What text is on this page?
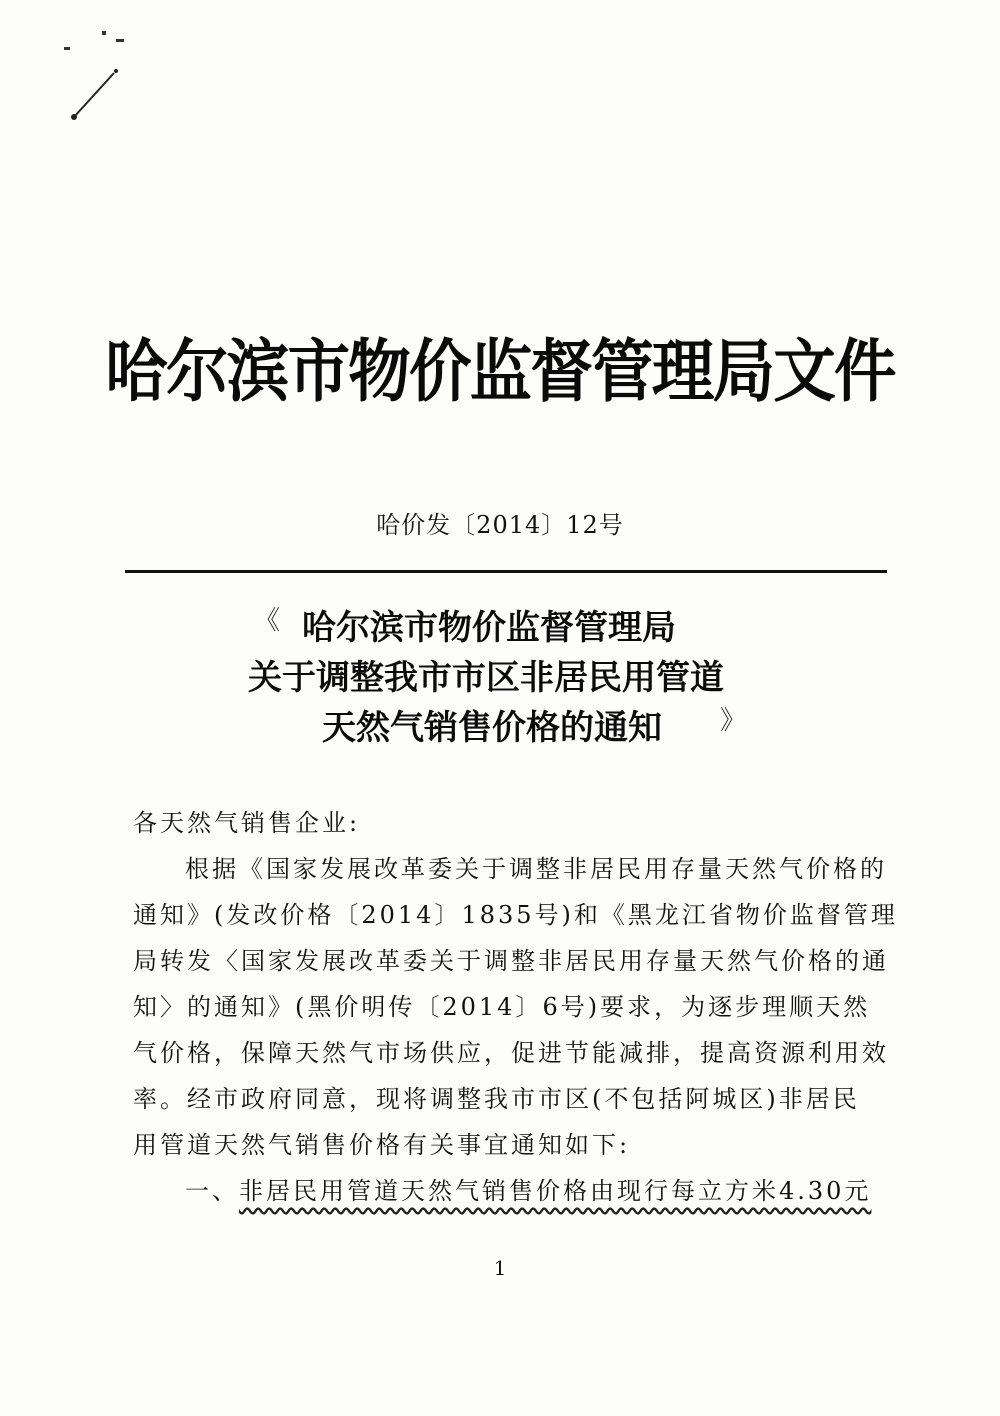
哈尔滨市物价监督管理局文件
哈价发〔2014〕12号
《
》
哈尔滨市物价监督管理局
关于调整我市市区非居民用管道
天然气销售价格的通知
各天然气销售企业:
根据《国家发展改革委关于调整非居民用存量天然气价格的
通知》(发改价格〔2014〕1835号)和《黑龙江省物价监督管理
局转发〈国家发展改革委关于调整非居民用存量天然气价格的通
知〉的通知》(黑价明传〔2014〕6号)要求，为逐步理顺天然
气价格，保障天然气市场供应，促进节能减排，提高资源利用效
率。经市政府同意，现将调整我市市区(不包括阿城区)非居民
用管道天然气销售价格有关事宜通知如下:
一、非居民用管道天然气销售价格由现行每立方米4.30元
1
